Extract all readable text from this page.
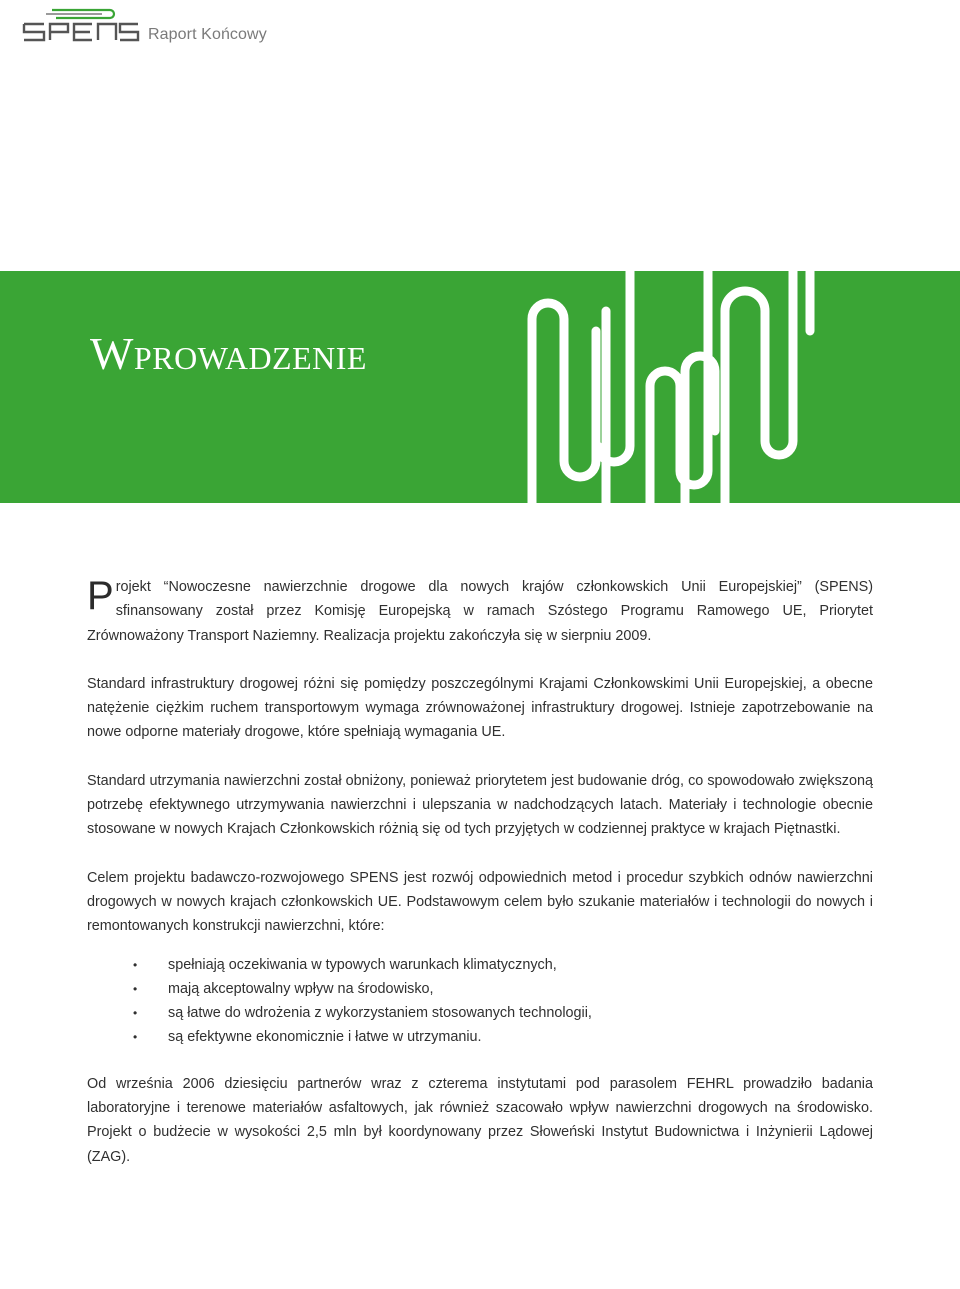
Raport Końcowy
WPROWADZENIE

Projekt “Nowoczesne nawierzchnie drogowe dla nowych krajów członkowskich Unii Europejskiej” (SPENS) sfinansowany został przez Komisję Europejską w ramach Szóstego Programu Ramowego UE, Priorytet Zrównoważony Transport Naziemny. Realizacja projektu zakończyła się w sierpniu 2009.

Standard infrastruktury drogowej różni się pomiędzy poszczególnymi Krajami Członkowskimi Unii Europejskiej, a obecne natężenie ciężkim ruchem transportowym wymaga zrównoważonej infrastruktury drogowej. Istnieje zapotrzebowanie na nowe odporne materiały drogowe, które spełniają wymagania UE.

Standard utrzymania nawierzchni został obniżony, ponieważ priorytetem jest budowanie dróg, co spowodowało zwiększoną potrzebę efektywnego utrzymywania nawierzchni i ulepszania w nadchodzących latach. Materiały i technologie obecnie stosowane w nowych Krajach Członkowskich różnią się od tych przyjętych w codziennej praktyce w krajach Piętnastki.

Celem projektu badawczo-rozwojowego SPENS jest rozwój odpowiednich metod i procedur szybkich odnów nawierzchni drogowych w nowych krajach członkowskich UE. Podstawowym celem było szukanie materiałów i technologii do nowych i remontowanych konstrukcji nawierzchni, które:

• spełniają oczekiwania w typowych warunkach klimatycznych,
• mają akceptowalny wpływ na środowisko,
• są łatwe do wdrożenia z wykorzystaniem stosowanych technologii,
• są efektywne ekonomicznie i łatwe w utrzymaniu.

Od września 2006 dziesięciu partnerów wraz z czterema instytutami pod parasolem FEHRL prowadziło badania laboratoryjne i terenowe materiałów asfaltowych, jak również szacowało wpływ nawierzchni drogowych na środowisko. Projekt o budżecie w wysokości 2,5 mln był koordynowany przez Słoweński Instytut Budownictwa i Inżynierii Lądowej (ZAG).
